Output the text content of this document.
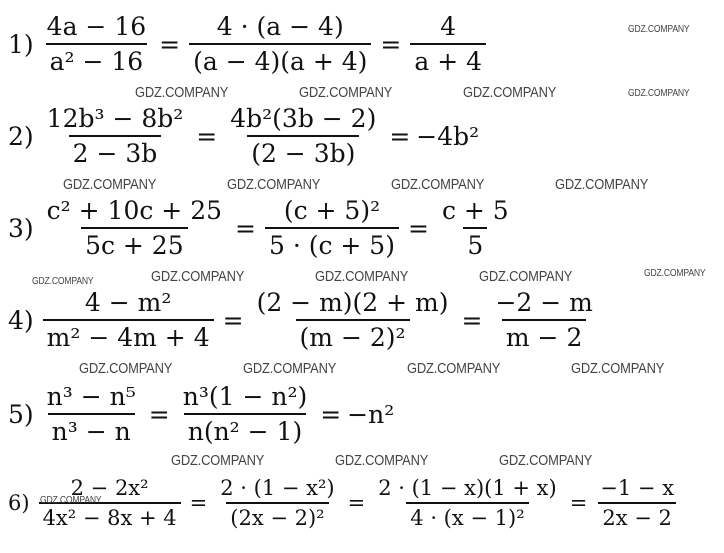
$1) \frac{4a - 16}{\text{a² − 16}} = \frac{4 \cdot (a - 4)}{(a - 4)(a + 4)} = \frac{4}{a + 4}$
$2) \frac{\text{12b³ − 8b²}}{2 - 3b} = \frac{\text{4b²(3b − 2)}}{(2 - 3b)} = -4b^2$
$3) \frac{\text{c² + 10c + 25}}{5c + 25} = \frac{\text{(c + 5)²}}{5 \cdot (c + 5)} = \frac{c + 5}{5}$
$4) \frac{\text{4 − m²}}{\text{m² − 4m + 4}} = \frac{(2 - m)(2 + m)}{\text{(m − 2)²}} = \frac{-2 - m}{m - 2}$
$5) \frac{\text{n³ − n⁵}}{\text{n³ − n}} = \frac{\text{n³(1 − n²)}}{\text{n(n² − 1)}} = -n^2$
$6) \frac{\text{2 − 2x²}}{\text{4x² − 8x + 4}} = \frac{\text{2 · (1 − x²)}}{\text{(2x − 2)²}} = \frac{2 \cdot (1 - x)(1 + x)}{\text{4 · (x − 1)²}} = \frac{-1 - x}{2x - 2}$
GDZ.COMPANY
GDZ.COMPANY	GDZ.COMPANY	GDZ.COMPANY	GDZ.COMPANY
GDZ.COMPANY	GDZ.COMPANY	GDZ.COMPANY	GDZ.COMPANY
GDZ.COMPANY	GDZ.COMPANY	GDZ.COMPANY	GDZ.COMPANY	GDZ.COMPANY
GDZ.COMPANY	GDZ.COMPANY	GDZ.COMPANY	GDZ.COMPANY
GDZ.COMPANY	GDZ.COMPANY	GDZ.COMPANY
GDZ.COMPANY
